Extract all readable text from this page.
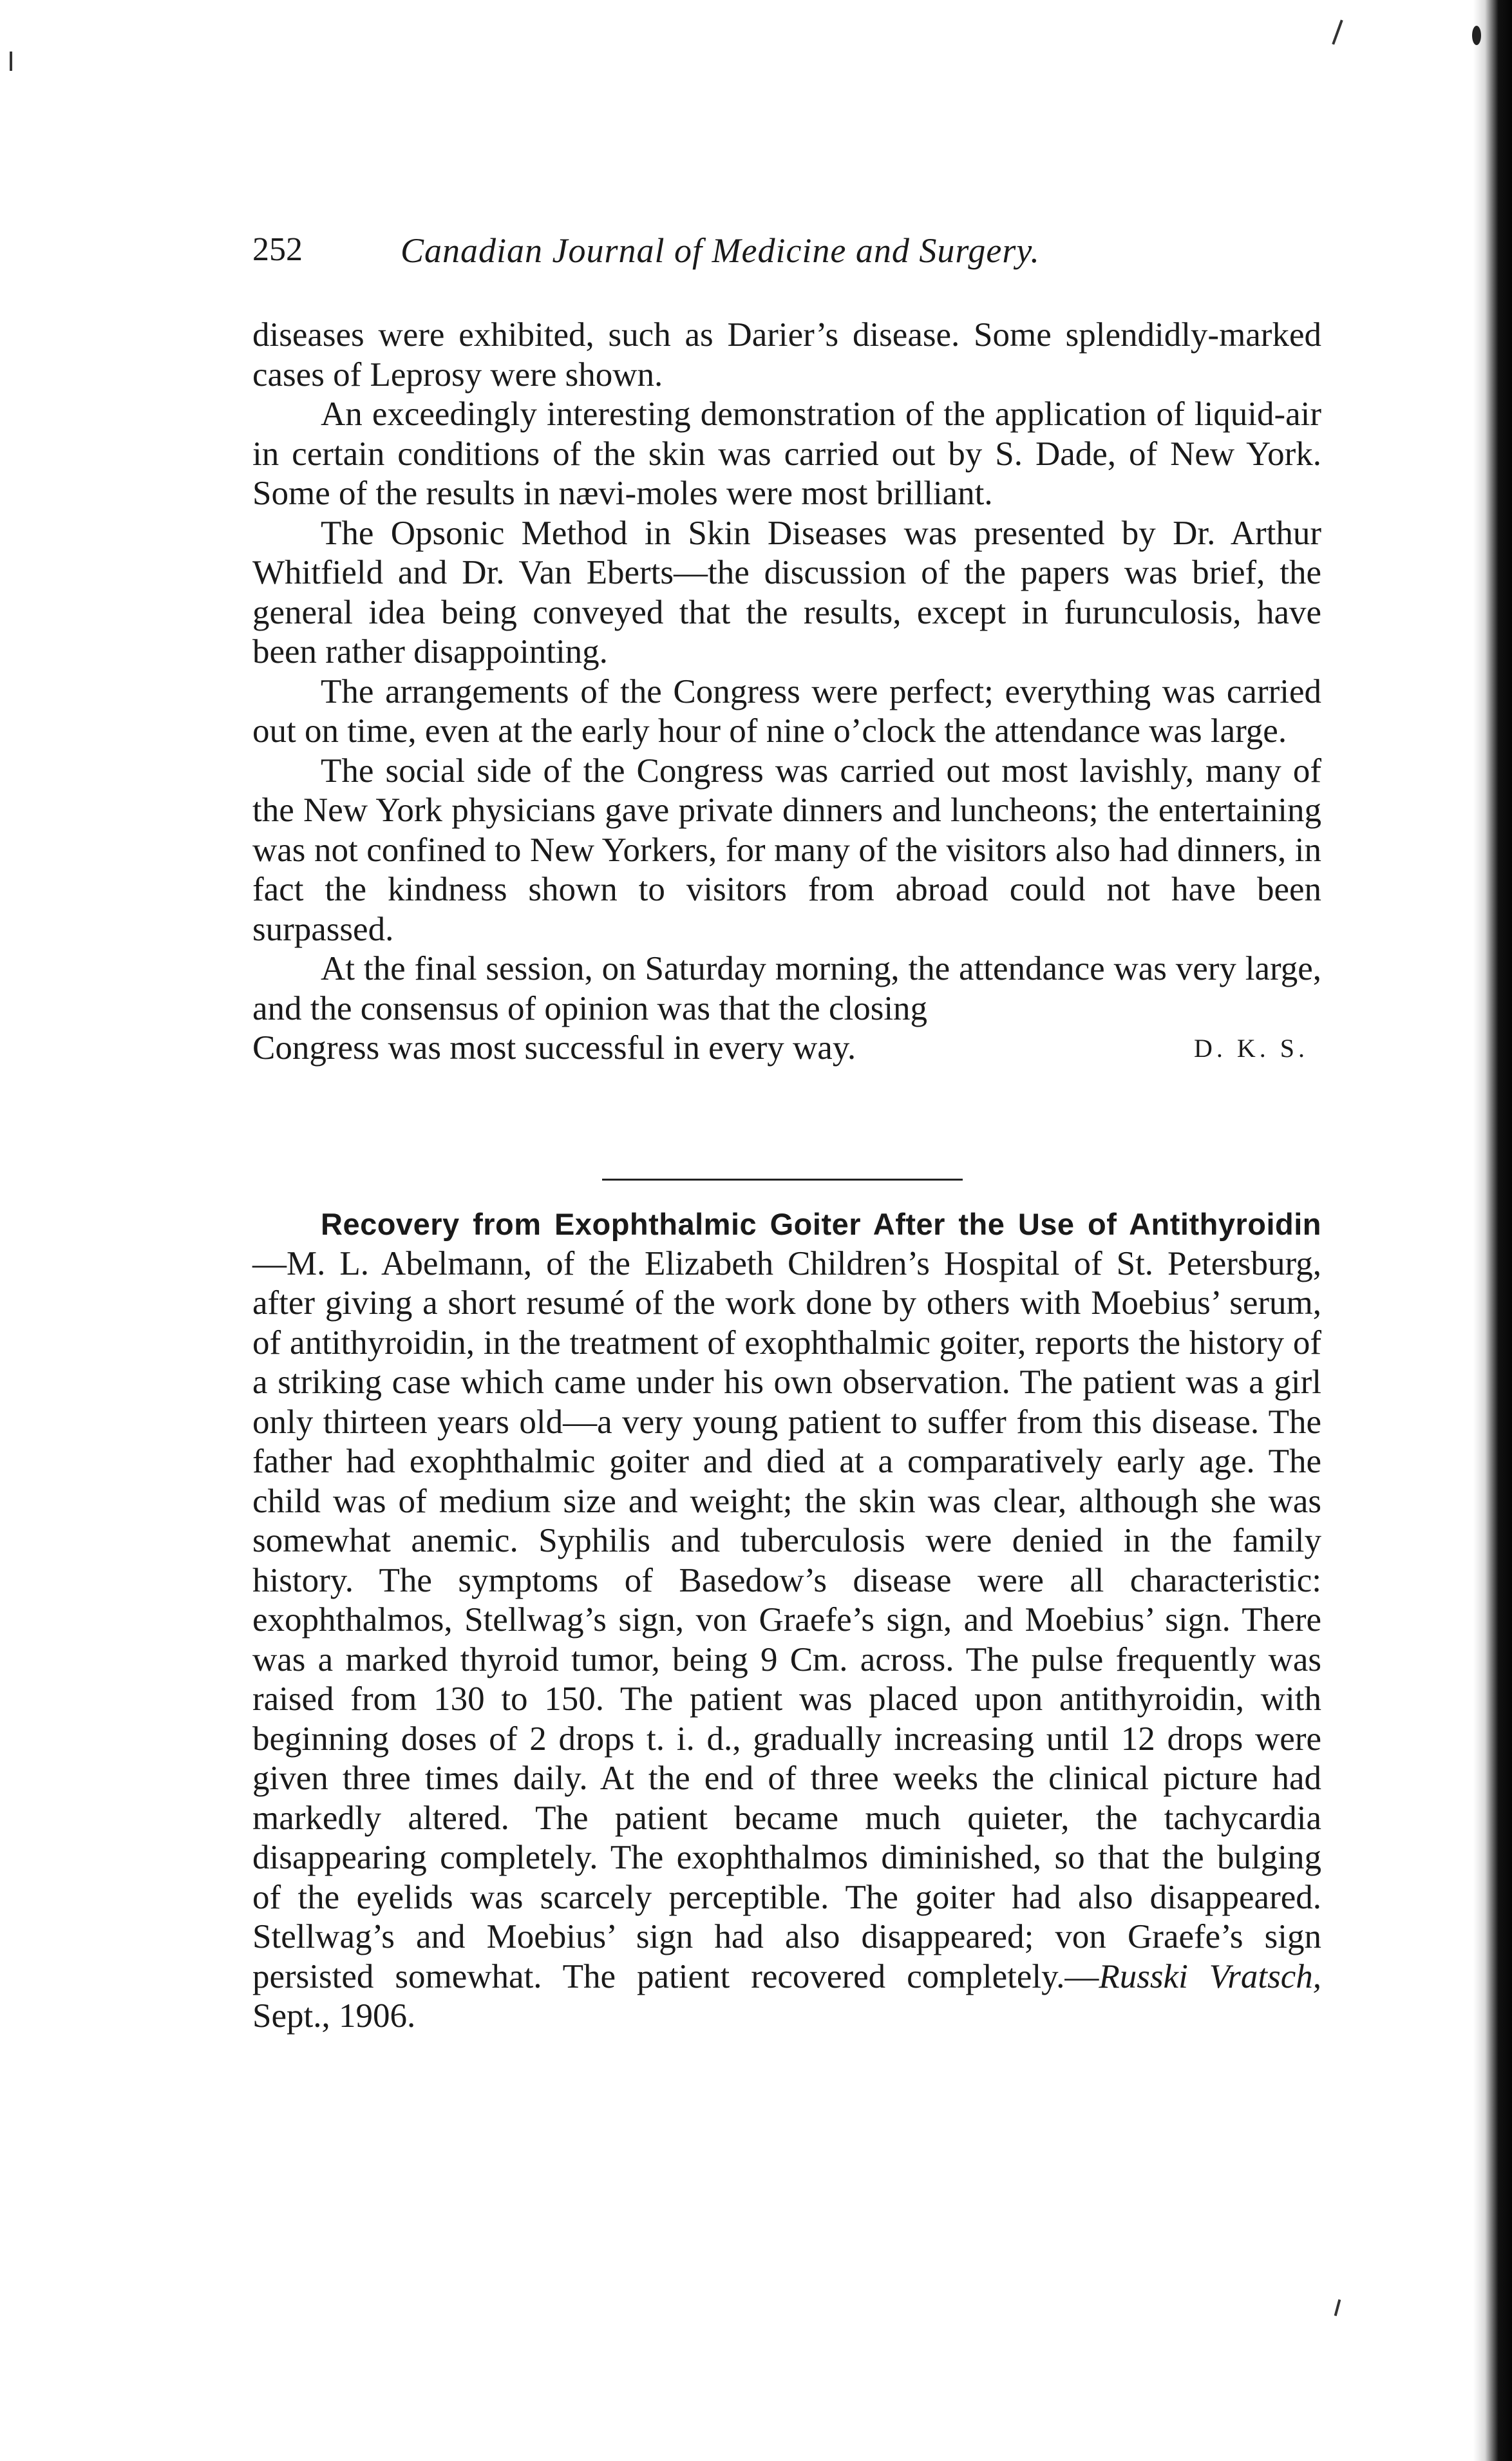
252	Canadian Journal of Medicine and Surgery.

diseases were exhibited, such as Darier’s disease. Some splendidly-marked cases of Leprosy were shown.

An exceedingly interesting demonstration of the application of liquid-air in certain conditions of the skin was carried out by S. Dade, of New York. Some of the results in nævi-moles were most brilliant.

The Opsonic Method in Skin Diseases was presented by Dr. Arthur Whitfield and Dr. Van Eberts—the discussion of the papers was brief, the general idea being conveyed that the results, except in furunculosis, have been rather disappointing.

The arrangements of the Congress were perfect; everything was carried out on time, even at the early hour of nine o’clock the attendance was large.

The social side of the Congress was carried out most lavishly, many of the New York physicians gave private dinners and luncheons; the entertaining was not confined to New Yorkers, for many of the visitors also had dinners, in fact the kindness shown to visitors from abroad could not have been surpassed.

At the final session, on Saturday morning, the attendance was very large, and the consensus of opinion was that the closing

Congress was most successful in every way.	D. K. S.

Recovery from Exophthalmic Goiter After the Use of Antithyroidin —M. L. Abelmann, of the Elizabeth Children’s Hospital of St. Petersburg, after giving a short resumé of the work done by others with Moebius’ serum, of antithyroidin, in the treatment of exophthalmic goiter, reports the history of a striking case which came under his own observation. The patient was a girl only thirteen years old—a very young patient to suffer from this disease. The father had exophthalmic goiter and died at a comparatively early age. The child was of medium size and weight; the skin was clear, although she was somewhat anemic. Syphilis and tuberculosis were denied in the family history. The symptoms of Basedow’s disease were all characteristic: exophthalmos, Stellwag’s sign, von Graefe’s sign, and Moebius’ sign. There was a marked thyroid tumor, being 9 Cm. across. The pulse frequently was raised from 130 to 150. The patient was placed upon antithyroidin, with beginning doses of 2 drops t. i. d., gradually increasing until 12 drops were given three times daily. At the end of three weeks the clinical picture had markedly altered. The patient became much quieter, the tachycardia disappearing completely. The exophthalmos diminished, so that the bulging of the eyelids was scarcely perceptible. The goiter had also disappeared. Stellwag’s and Moebius’ sign had also disappeared; von Graefe’s sign persisted somewhat. The patient recovered completely.—Russki Vratsch, Sept., 1906.
